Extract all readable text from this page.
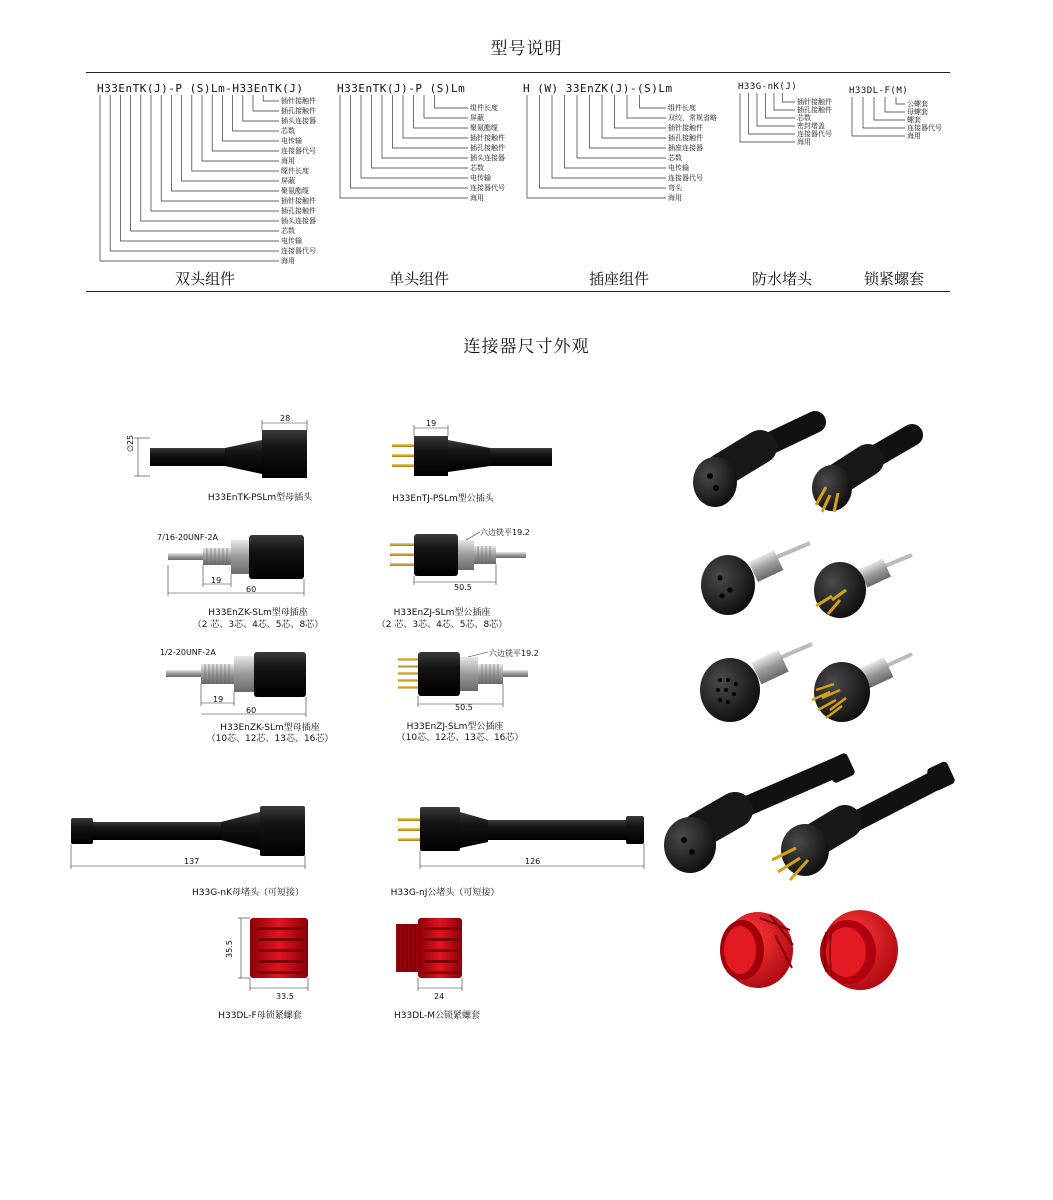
型号说明
H33EnTK(J)-P (S)Lm-H33EnTK(J)
插针接触件
插孔接触件
插头连接器
芯数
电传输
连接器代号
海用
缆件长度
屏蔽
聚氨酯缆
插针接触件
插孔接触件
插头连接器
芯数
电传输
连接器代号
海用
H33EnTK(J)-P (S)Lm
组件长度
屏蔽
聚氨酯缆
插针接触件
插孔接触件
插头连接器
芯数
电传输
连接器代号
海用
H (W) 33EnZK(J)-(S)Lm
组件长度
双绞，常规省略
插针接触件
插孔接触件
插座连接器
芯数
电传输
连接器代号
弯头
海用
H33G-nK(J)
插针接触件
插孔接触件
芯数
密封堵盖
连接器代号
海用
H33DL-F(M)
公螺套
母螺套
螺套
连接器代号
海用
双头组件	单头组件	插座组件	防水堵头	锁紧螺套
连接器尺寸外观
28
∅25
H33EnTK-PSLm型母插头
19
H33EnTJ-PSLm型公插头
7/16-20UNF-2A
19
60
H33EnZK-SLm型母插座
（2 芯、3芯、4芯、5芯、8芯）
六边铣平19.2
50.5
H33EnZJ-SLm型公插座
（2 芯、3芯、4芯、5芯、8芯）
1/2-20UNF-2A
19
60
H33EnZK-SLm型母插座
（10芯、12芯、13芯、16芯）
六边铣平19.2
50.5
H33EnZJ-SLm型公插座
（10芯、12芯、13芯、16芯）
137
H33G-nK母堵头（可短接）
126
H33G-nJ公堵头（可短接）
35.5
33.5
H33DL-F母锁紧螺套
24
H33DL-M公锁紧螺套
